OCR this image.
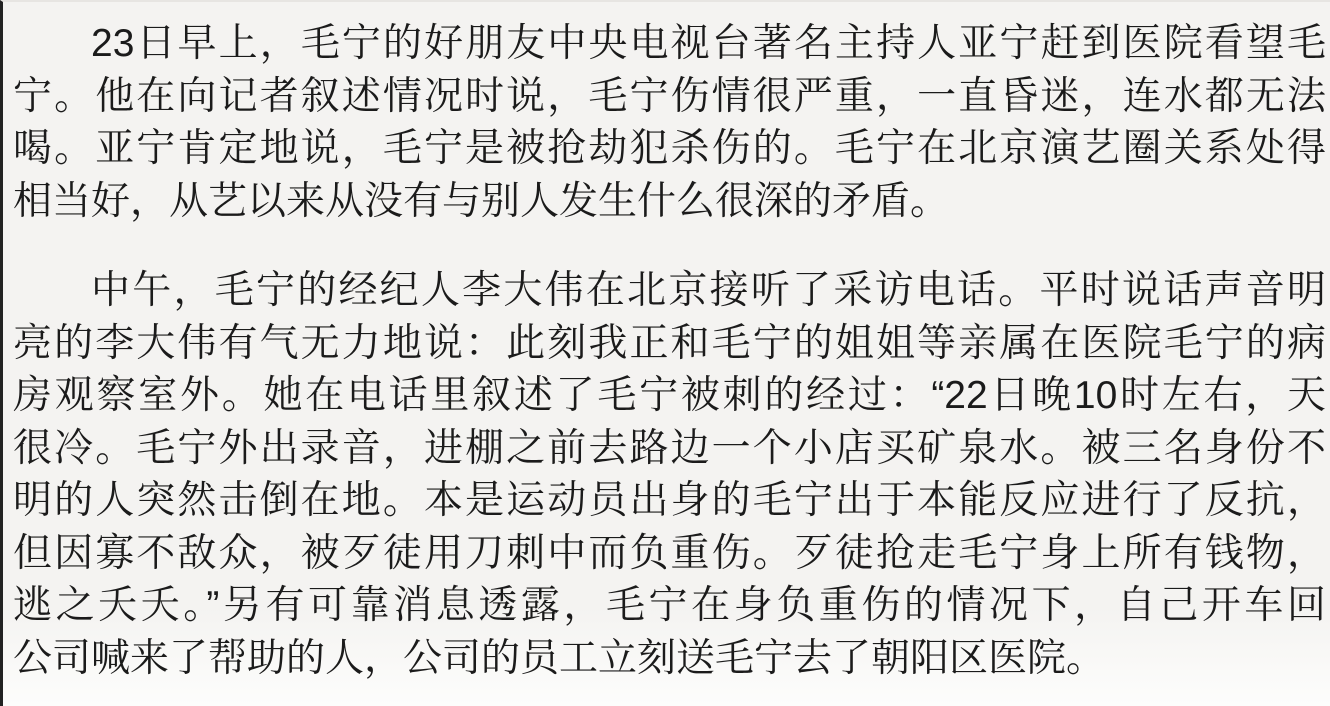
23日早上，毛宁的好朋友中央电视台著名主持人亚宁赶到医院看望毛
宁。他在向记者叙述情况时说，毛宁伤情很严重，一直昏迷，连水都无法
喝。亚宁肯定地说，毛宁是被抢劫犯杀伤的。毛宁在北京演艺圈关系处得
相当好，从艺以来从没有与别人发生什么很深的矛盾。
中午，毛宁的经纪人李大伟在北京接听了采访电话。平时说话声音明
亮的李大伟有气无力地说：此刻我正和毛宁的姐姐等亲属在医院毛宁的病
房观察室外。她在电话里叙述了毛宁被刺的经过：“22日晚10时左右，天
很冷。毛宁外出录音，进棚之前去路边一个小店买矿泉水。被三名身份不
明的人突然击倒在地。本是运动员出身的毛宁出于本能反应进行了反抗，
但因寡不敌众，被歹徒用刀刺中而负重伤。歹徒抢走毛宁身上所有钱物，
逃之夭夭。”另有可靠消息透露，毛宁在身负重伤的情况下，自己开车回
公司喊来了帮助的人，公司的员工立刻送毛宁去了朝阳区医院。
